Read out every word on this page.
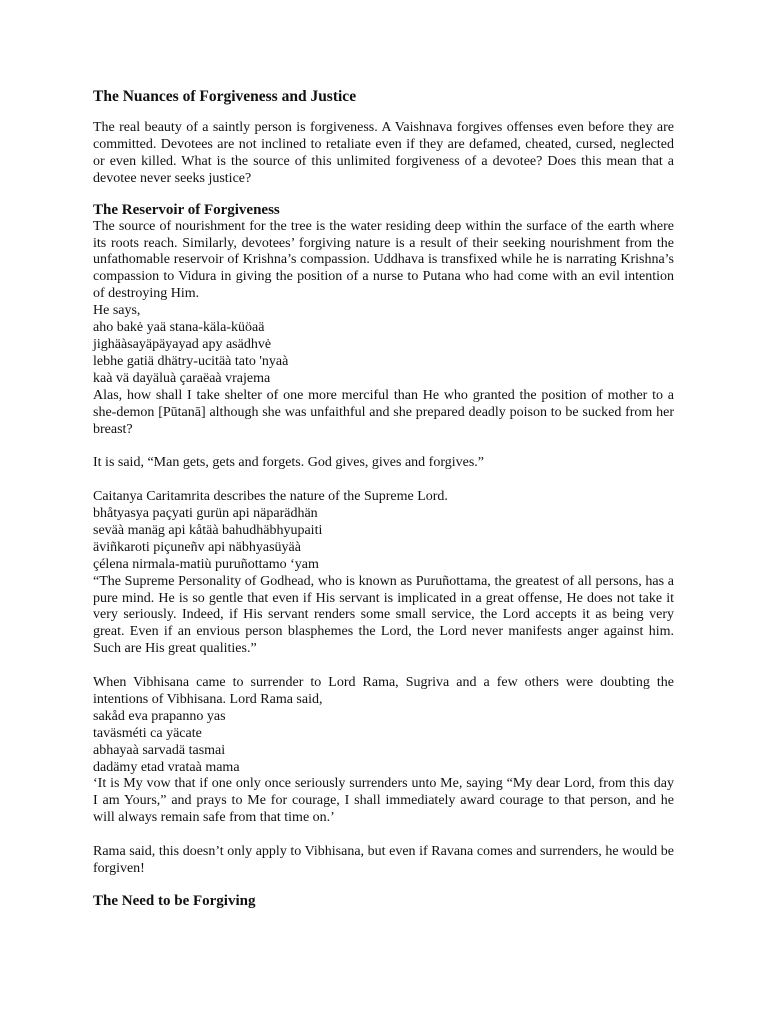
The Nuances of Forgiveness and Justice

The real beauty of a saintly person is forgiveness. A Vaishnava forgives offenses even before they are committed. Devotees are not inclined to retaliate even if they are defamed, cheated, cursed, neglected or even killed. What is the source of this unlimited forgiveness of a devotee? Does this mean that a devotee never seeks justice?

The Reservoir of Forgiveness

The source of nourishment for the tree is the water residing deep within the surface of the earth where its roots reach. Similarly, devotees’ forgiving nature is a result of their seeking nourishment from the unfathomable reservoir of Krishna’s compassion. Uddhava is transfixed while he is narrating Krishna’s compassion to Vidura in giving the position of a nurse to Putana who had come with an evil intention of destroying Him.

He says,

aho bakė yaä stana-käla-küöaä

jighäàsayäpäyayad apy asädhvė

lebhe gatiä dhätry-ucitäà tato 'nyaà

kaà vä dayäluà çaraëaà vrajema

Alas, how shall I take shelter of one more merciful than He who granted the position of mother to a she-demon [Pūtanā] although she was unfaithful and she prepared deadly poison to be sucked from her breast?

It is said, “Man gets, gets and forgets. God gives, gives and forgives.”

Caitanya Caritamrita describes the nature of the Supreme Lord.

bhåtyasya paçyati gurün api näparädhän

seväà manäg api kåtäà bahudhäbhyupaiti

äviñkaroti piçuneñv api näbhyasüyäà

çélena nirmala-matiù puruñottamo ‘yam

“The Supreme Personality of Godhead, who is known as Puruñottama, the greatest of all persons, has a pure mind. He is so gentle that even if His servant is implicated in a great offense, He does not take it very seriously. Indeed, if His servant renders some small service, the Lord accepts it as being very great. Even if an envious person blasphemes the Lord, the Lord never manifests anger against him. Such are His great qualities.”

When Vibhisana came to surrender to Lord Rama, Sugriva and a few others were doubting the intentions of Vibhisana. Lord Rama said,

sakåd eva prapanno yas

taväsméti ca yäcate

abhayaà sarvadä tasmai

dadämy etad vrataà mama

‘It is My vow that if one only once seriously surrenders unto Me, saying “My dear Lord, from this day I am Yours,” and prays to Me for courage, I shall immediately award courage to that person, and he will always remain safe from that time on.’

Rama said, this doesn’t only apply to Vibhisana, but even if Ravana comes and surrenders, he would be forgiven!

The Need to be Forgiving
